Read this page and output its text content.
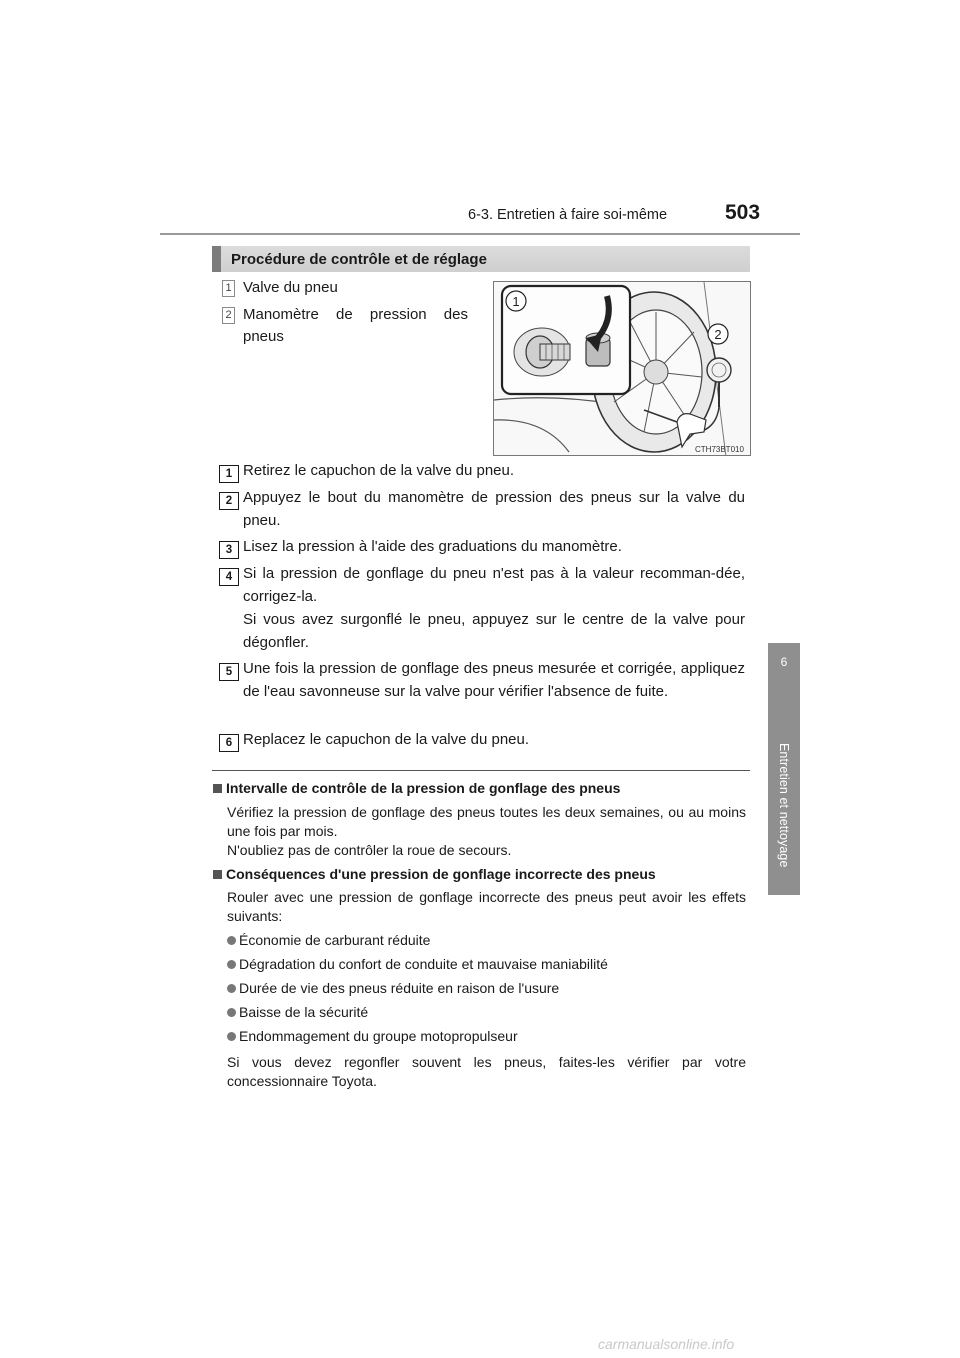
6-3. Entretien à faire soi-même	503
6
Entretien et nettoyage
Procédure de contrôle et de réglage
1 Valve du pneu
2 Manomètre de pression des
pneus
1
2
CTH73BT010
1 Retirez le capuchon de la valve du pneu.
2 Appuyez le bout du manomètre de pression des pneus sur la valve du pneu.
3 Lisez la pression à l'aide des graduations du manomètre.
4 Si la pression de gonflage du pneu n'est pas à la valeur recomman-dée, corrigez-la.
Si vous avez surgonflé le pneu, appuyez sur le centre de la valve pour dégonfler.
5 Une fois la pression de gonflage des pneus mesurée et corrigée, appliquez de l'eau savonneuse sur la valve pour vérifier l'absence de fuite.
6 Replacez le capuchon de la valve du pneu.
Intervalle de contrôle de la pression de gonflage des pneus
Vérifiez la pression de gonflage des pneus toutes les deux semaines, ou au moins une fois par mois.
N'oubliez pas de contrôler la roue de secours.
Conséquences d'une pression de gonflage incorrecte des pneus
Rouler avec une pression de gonflage incorrecte des pneus peut avoir les effets suivants:
Économie de carburant réduite
Dégradation du confort de conduite et mauvaise maniabilité
Durée de vie des pneus réduite en raison de l'usure
Baisse de la sécurité
Endommagement du groupe motopropulseur
Si vous devez regonfler souvent les pneus, faites-les vérifier par votre concessionnaire Toyota.
carmanualsonline.info
